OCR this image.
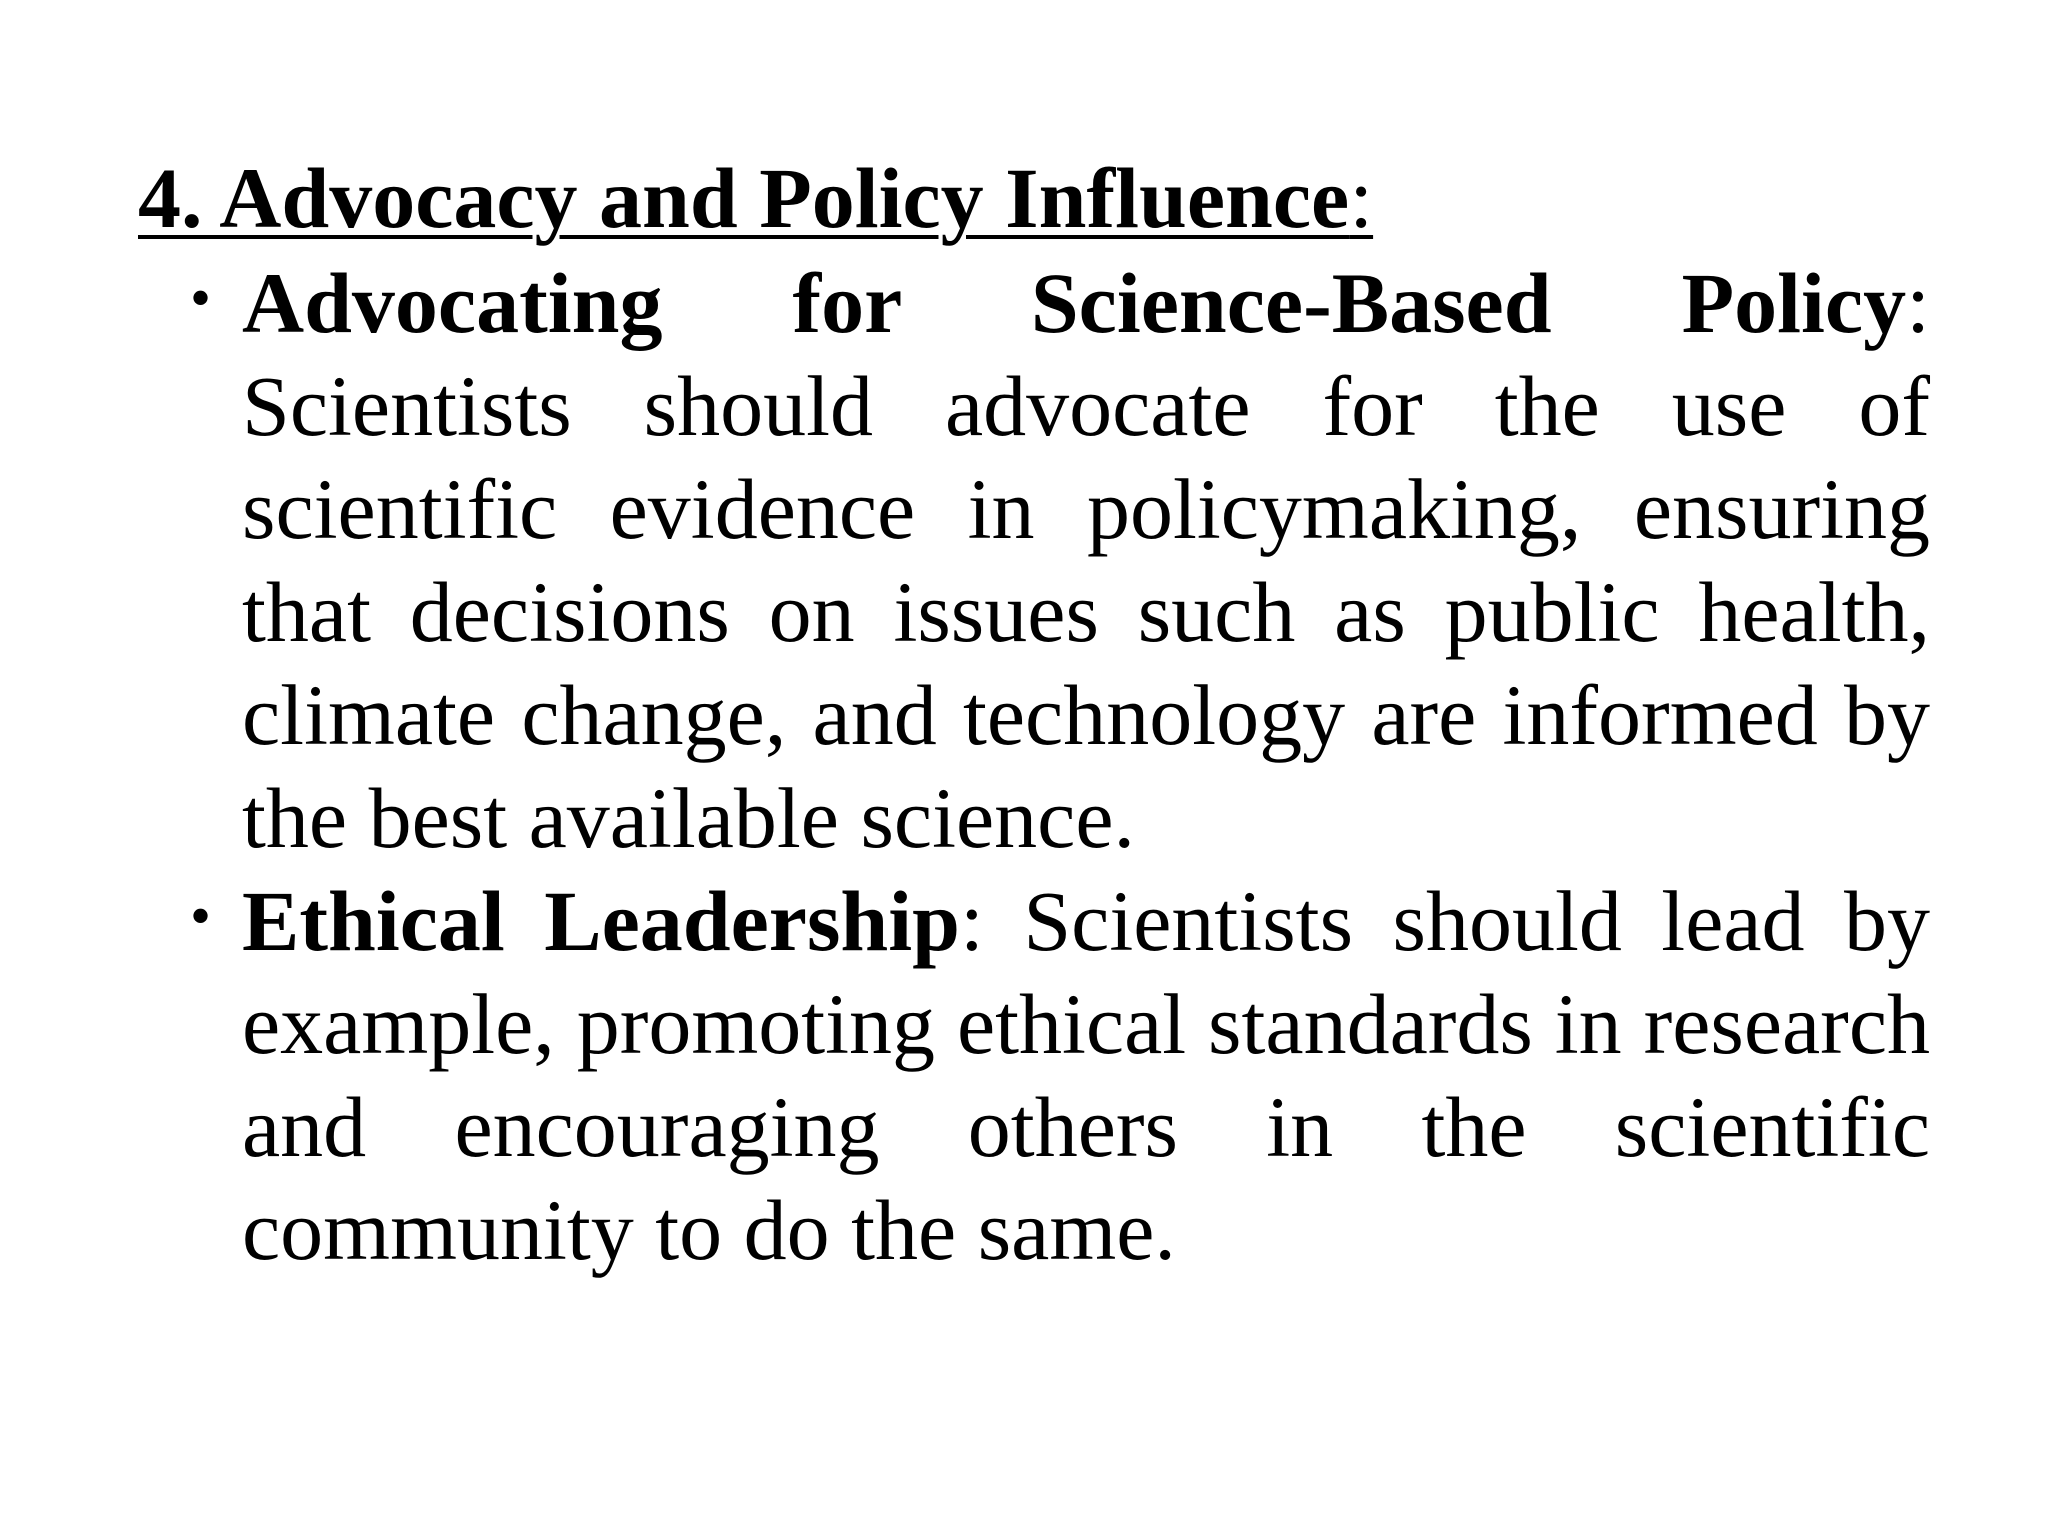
4. Advocacy and Policy Influence:
• Advocating for Science-Based Policy: Scientists should advocate for the use of scientific evidence in policymaking, ensuring that decisions on issues such as public health, climate change, and technology are informed by the best available science.
• Ethical Leadership: Scientists should lead by example, promoting ethical standards in research and encouraging others in the scientific community to do the same.
